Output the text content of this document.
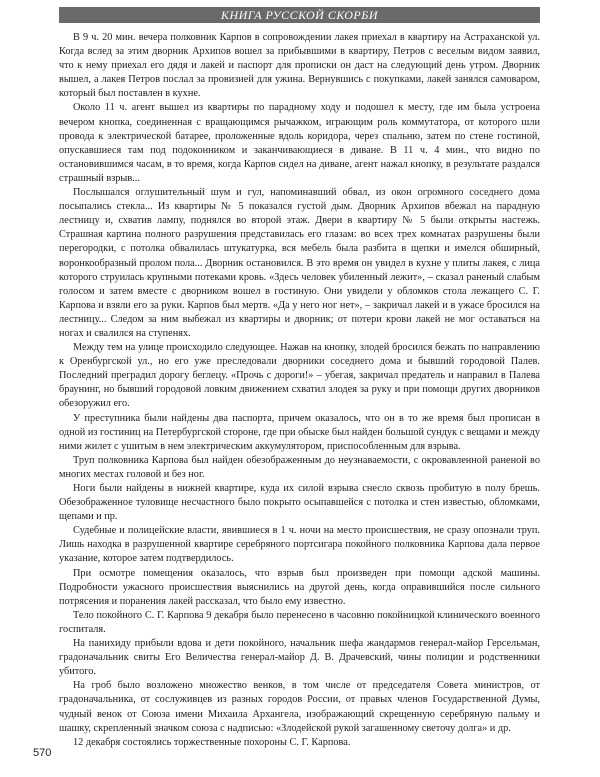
КНИГА РУССКОЙ СКОРБИ

В 9 ч. 20 мин. вечера полковник Карпов в сопровождении лакея приехал в квартиру на Астраханской ул. Когда вслед за этим дворник Архипов вошел за прибывшими в квартиру, Петров с веселым видом заявил, что к нему приехал его дядя и лакей и паспорт для прописки он даст на следующий день утром. Дворник вышел, а лакея Петров послал за провизией для ужина. Вернувшись с покупками, лакей занялся самоваром, который был поставлен в кухне.

Около 11 ч. агент вышел из квартиры по парадному ходу и подошел к месту, где им была устроена вечером кнопка, соединенная с вращающимся рычажком, играющим роль коммутатора, от которого шли провода к электрической батарее, проложенные вдоль коридора, через спальню, затем по стене гостиной, опускавшиеся там под подоконником и заканчивающиеся в диване. В 11 ч. 4 мин., что видно по остановившимся часам, в то время, когда Карпов сидел на диване, агент нажал кнопку, в результате раздался страшный взрыв...

Послышался оглушительный шум и гул, напоминавший обвал, из окон огромного соседнего дома посыпались стекла... Из квартиры № 5 показался густой дым. Дворник Архипов вбежал на парадную лестницу и, схватив лампу, поднялся во второй этаж. Двери в квартиру № 5 были открыты настежь. Страшная картина полного разрушения представилась его глазам: во всех трех комнатах разрушены были перегородки, с потолка обвалилась штукатурка, вся мебель была разбита в щепки и имелся обширный, воронкообразный пролом пола... Дворник остановился. В это время он увидел в кухне у плиты лакея, с лица которого струилась крупными потеками кровь. «Здесь человек убиленный лежит», – сказал раненый слабым голосом и затем вместе с дворником вошел в гостиную. Они увидели у обломков стола лежащего С. Г. Карпова и взяли его за руки. Карпов был мертв. «Да у него ног нет», – закричал лакей и в ужасе бросился на лестницу... Следом за ним выбежал из квартиры и дворник; от потери крови лакей не мог оставаться на ногах и свалился на ступенях.

Между тем на улице происходило следующее. Нажав на кнопку, злодей бросился бежать по направлению к Оренбургской ул., но его уже преследовали дворники соседнего дома и бывший городовой Палев. Последний преградил дорогу беглецу. «Прочь с дороги!» – убегая, закричал предатель и направил в Палева браунинг, но бывший городовой ловким движением схватил злодея за руку и при помощи других дворников обезоружил его.

У преступника были найдены два паспорта, причем оказалось, что он в то же время был прописан в одной из гостиниц на Петербургской стороне, где при обыске был найден большой сундук с вещами и между ними жилет с ушитым в нем электрическим аккумулятором, приспособленным для взрыва.

Труп полковника Карпова был найден обезображенным до неузнаваемости, с окровавленной раненой во многих местах головой и без ног.

Ноги были найдены в нижней квартире, куда их силой взрыва снесло сквозь пробитую в полу брешь. Обезображенное туловище несчастного было покрыто осыпавшейся с потолка и стен известью, обломками, щепами и пр.

Судебные и полицейские власти, явившиеся в 1 ч. ночи на место происшествия, не сразу опознали труп. Лишь находка в разрушенной квартире серебряного портсигара покойного полковника Карпова дала первое указание, которое затем подтвердилось.

При осмотре помещения оказалось, что взрыв был произведен при помощи адской машины. Подробности ужасного происшествия выяснились на другой день, когда оправившийся после сильного потрясения и поранения лакей рассказал, что было ему известно.

Тело покойного С. Г. Карпова 9 декабря было перенесено в часовню покойницкой клинического военного госпиталя.

На панихиду прибыли вдова и дети покойного, начальник шефа жандармов генерал-майор Герсельман, градоначальник свиты Его Величества генерал-майор Д. В. Драчевский, чины полиции и родственники убитого.

На гроб было возложено множество венков, в том числе от председателя Совета министров, от градоначальника, от сослуживцев из разных городов России, от правых членов Государственной Думы, чудный венок от Союза имени Михаила Архангела, изображающий скрещенную серебряную пальму и шашку, скрепленный значком союза с надписью: «Злодейской рукой загашенному светочу долга» и др.

12 декабря состоялись торжественные похороны С. Г. Карпова.

570
